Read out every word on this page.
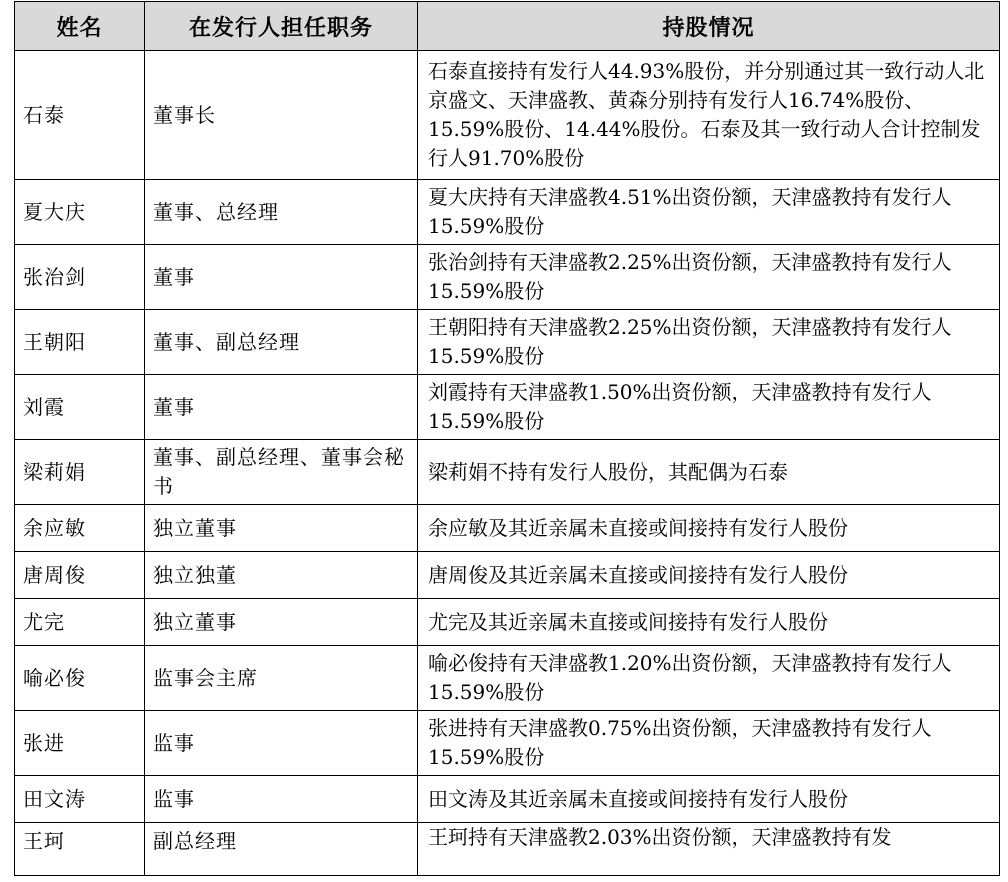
姓名	在发行人担任职务	持股情况
石泰	董事长	石泰直接持有发行人44.93%股份，并分别通过其一致行动人北京盛文、天津盛教、黄森分别持有发行人16.74%股份、15.59%股份、14.44%股份。石泰及其一致行动人合计控制发行人91.70%股份
夏大庆	董事、总经理	夏大庆持有天津盛教4.51%出资份额，天津盛教持有发行人15.59%股份
张治剑	董事	张治剑持有天津盛教2.25%出资份额，天津盛教持有发行人15.59%股份
王朝阳	董事、副总经理	王朝阳持有天津盛教2.25%出资份额，天津盛教持有发行人15.59%股份
刘霞	董事	刘霞持有天津盛教1.50%出资份额，天津盛教持有发行人15.59%股份
梁莉娟	董事、副总经理、董事会秘书	梁莉娟不持有发行人股份，其配偶为石泰
余应敏	独立董事	余应敏及其近亲属未直接或间接持有发行人股份
唐周俊	独立独董	唐周俊及其近亲属未直接或间接持有发行人股份
尤完	独立董事	尤完及其近亲属未直接或间接持有发行人股份
喻必俊	监事会主席	喻必俊持有天津盛教1.20%出资份额，天津盛教持有发行人15.59%股份
张进	监事	张进持有天津盛教0.75%出资份额，天津盛教持有发行人15.59%股份
田文涛	监事	田文涛及其近亲属未直接或间接持有发行人股份
王珂	副总经理	王珂持有天津盛教2.03%出资份额，天津盛教持有发
